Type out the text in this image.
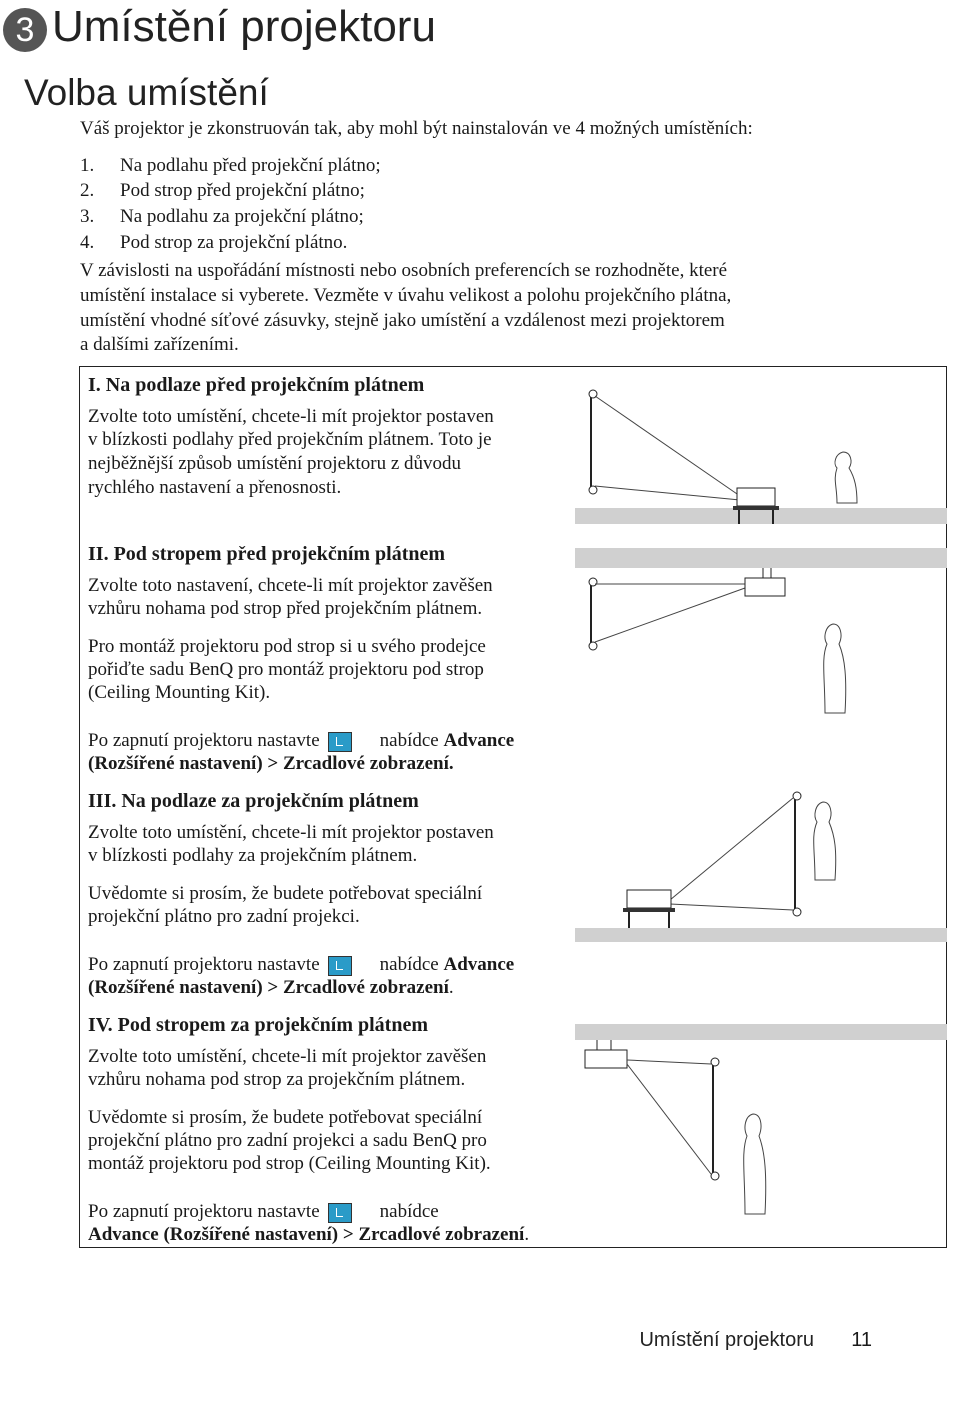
3 Umístění projektoru
Volba umístění
Váš projektor je zkonstruován tak, aby mohl být nainstalován ve 4 možných umístěních:
1. Na podlahu před projekční plátno;
2. Pod strop před projekční plátno;
3. Na podlahu za projekční plátno;
4. Pod strop za projekční plátno.
V závislosti na uspořádání místnosti nebo osobních preferencích se rozhodněte, které
umístění instalace si vyberete. Vezměte v úvahu velikost a polohu projekčního plátna,
umístění vhodné síťové zásuvky, stejně jako umístění a vzdálenost mezi projektorem
a dalšími zařízeními.
I. Na podlaze před projekčním plátnem
Zvolte toto umístění, chcete-li mít projektor postaven
v blízkosti podlahy před projekčním plátnem. Toto je
nejběžnější způsob umístění projektoru z důvodu
rychlého nastavení a přenosnosti.
II. Pod stropem před projekčním plátnem
Zvolte toto nastavení, chcete-li mít projektor zavěšen
vzhůru nohama pod strop před projekčním plátnem.
Pro montáž projektoru pod strop si u svého prodejce
pořiďte sadu BenQ pro montáž projektoru pod strop
(Ceiling Mounting Kit).
Po zapnutí projektoru nastavte	nabídce Advance
(Rozšířené nastavení) > Zrcadlové zobrazení.
III. Na podlaze za projekčním plátnem
Zvolte toto umístění, chcete-li mít projektor postaven
v blízkosti podlahy za projekčním plátnem.
Uvědomte si prosím, že budete potřebovat speciální
projekční plátno pro zadní projekci.
Po zapnutí projektoru nastavte	nabídce Advance
(Rozšířené nastavení) > Zrcadlové zobrazení.
IV. Pod stropem za projekčním plátnem
Zvolte toto umístění, chcete-li mít projektor zavěšen
vzhůru nohama pod strop za projekčním plátnem.
Uvědomte si prosím, že budete potřebovat speciální
projekční plátno pro zadní projekci a sadu BenQ pro
montáž projektoru pod strop (Ceiling Mounting Kit).
Po zapnutí projektoru nastavte	nabídce
Advance (Rozšířené nastavení) > Zrcadlové zobrazení.
Umístění projektoru 11
